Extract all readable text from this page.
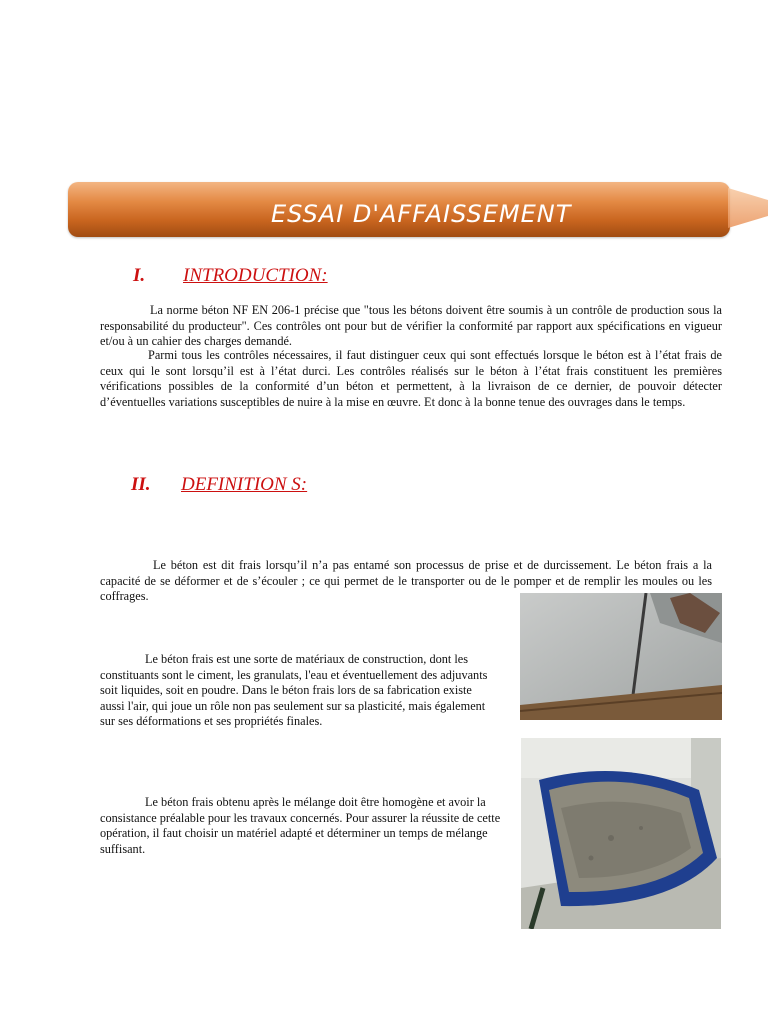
ESSAI D'AFFAISSEMENT
I.	INTRODUCTION:

La norme béton NF EN 206-1 précise que "tous les bétons doivent être soumis à un contrôle de production sous la responsabilité du producteur". Ces contrôles ont pour but de vérifier la conformité par rapport aux spécifications en vigueur et/ou à un cahier des charges demandé.

Parmi tous les contrôles nécessaires, il faut distinguer ceux qui sont effectués lorsque le béton est à l’état frais de ceux qui le sont lorsqu’il est à l’état durci. Les contrôles réalisés sur le béton à l’état frais constituent les premières vérifications possibles de la conformité d’un béton et permettent, à la livraison de ce dernier, de pouvoir détecter d’éventuelles variations susceptibles de nuire à la mise en œuvre. Et donc à la bonne tenue des ouvrages dans le temps.

II.	DEFINITION S:

Le béton est dit frais lorsqu’il n’a pas entamé son processus de prise et de durcissement. Le béton frais a la capacité de se déformer et de s’écouler ; ce qui permet de le transporter ou de le pomper et de remplir les moules ou les coffrages.

Le béton frais est une sorte de matériaux de construction, dont les constituants sont le ciment, les granulats, l'eau et éventuellement des adjuvants soit liquides, soit en poudre. Dans le béton frais lors de sa fabrication existe aussi l'air, qui joue un rôle non pas seulement sur sa plasticité, mais également sur ses déformations et ses propriétés finales.

Le béton frais obtenu après le mélange doit être homogène et avoir la consistance préalable pour les travaux concernés. Pour assurer la réussite de cette opération, il faut choisir un matériel adapté et déterminer un temps de mélange suffisant.
